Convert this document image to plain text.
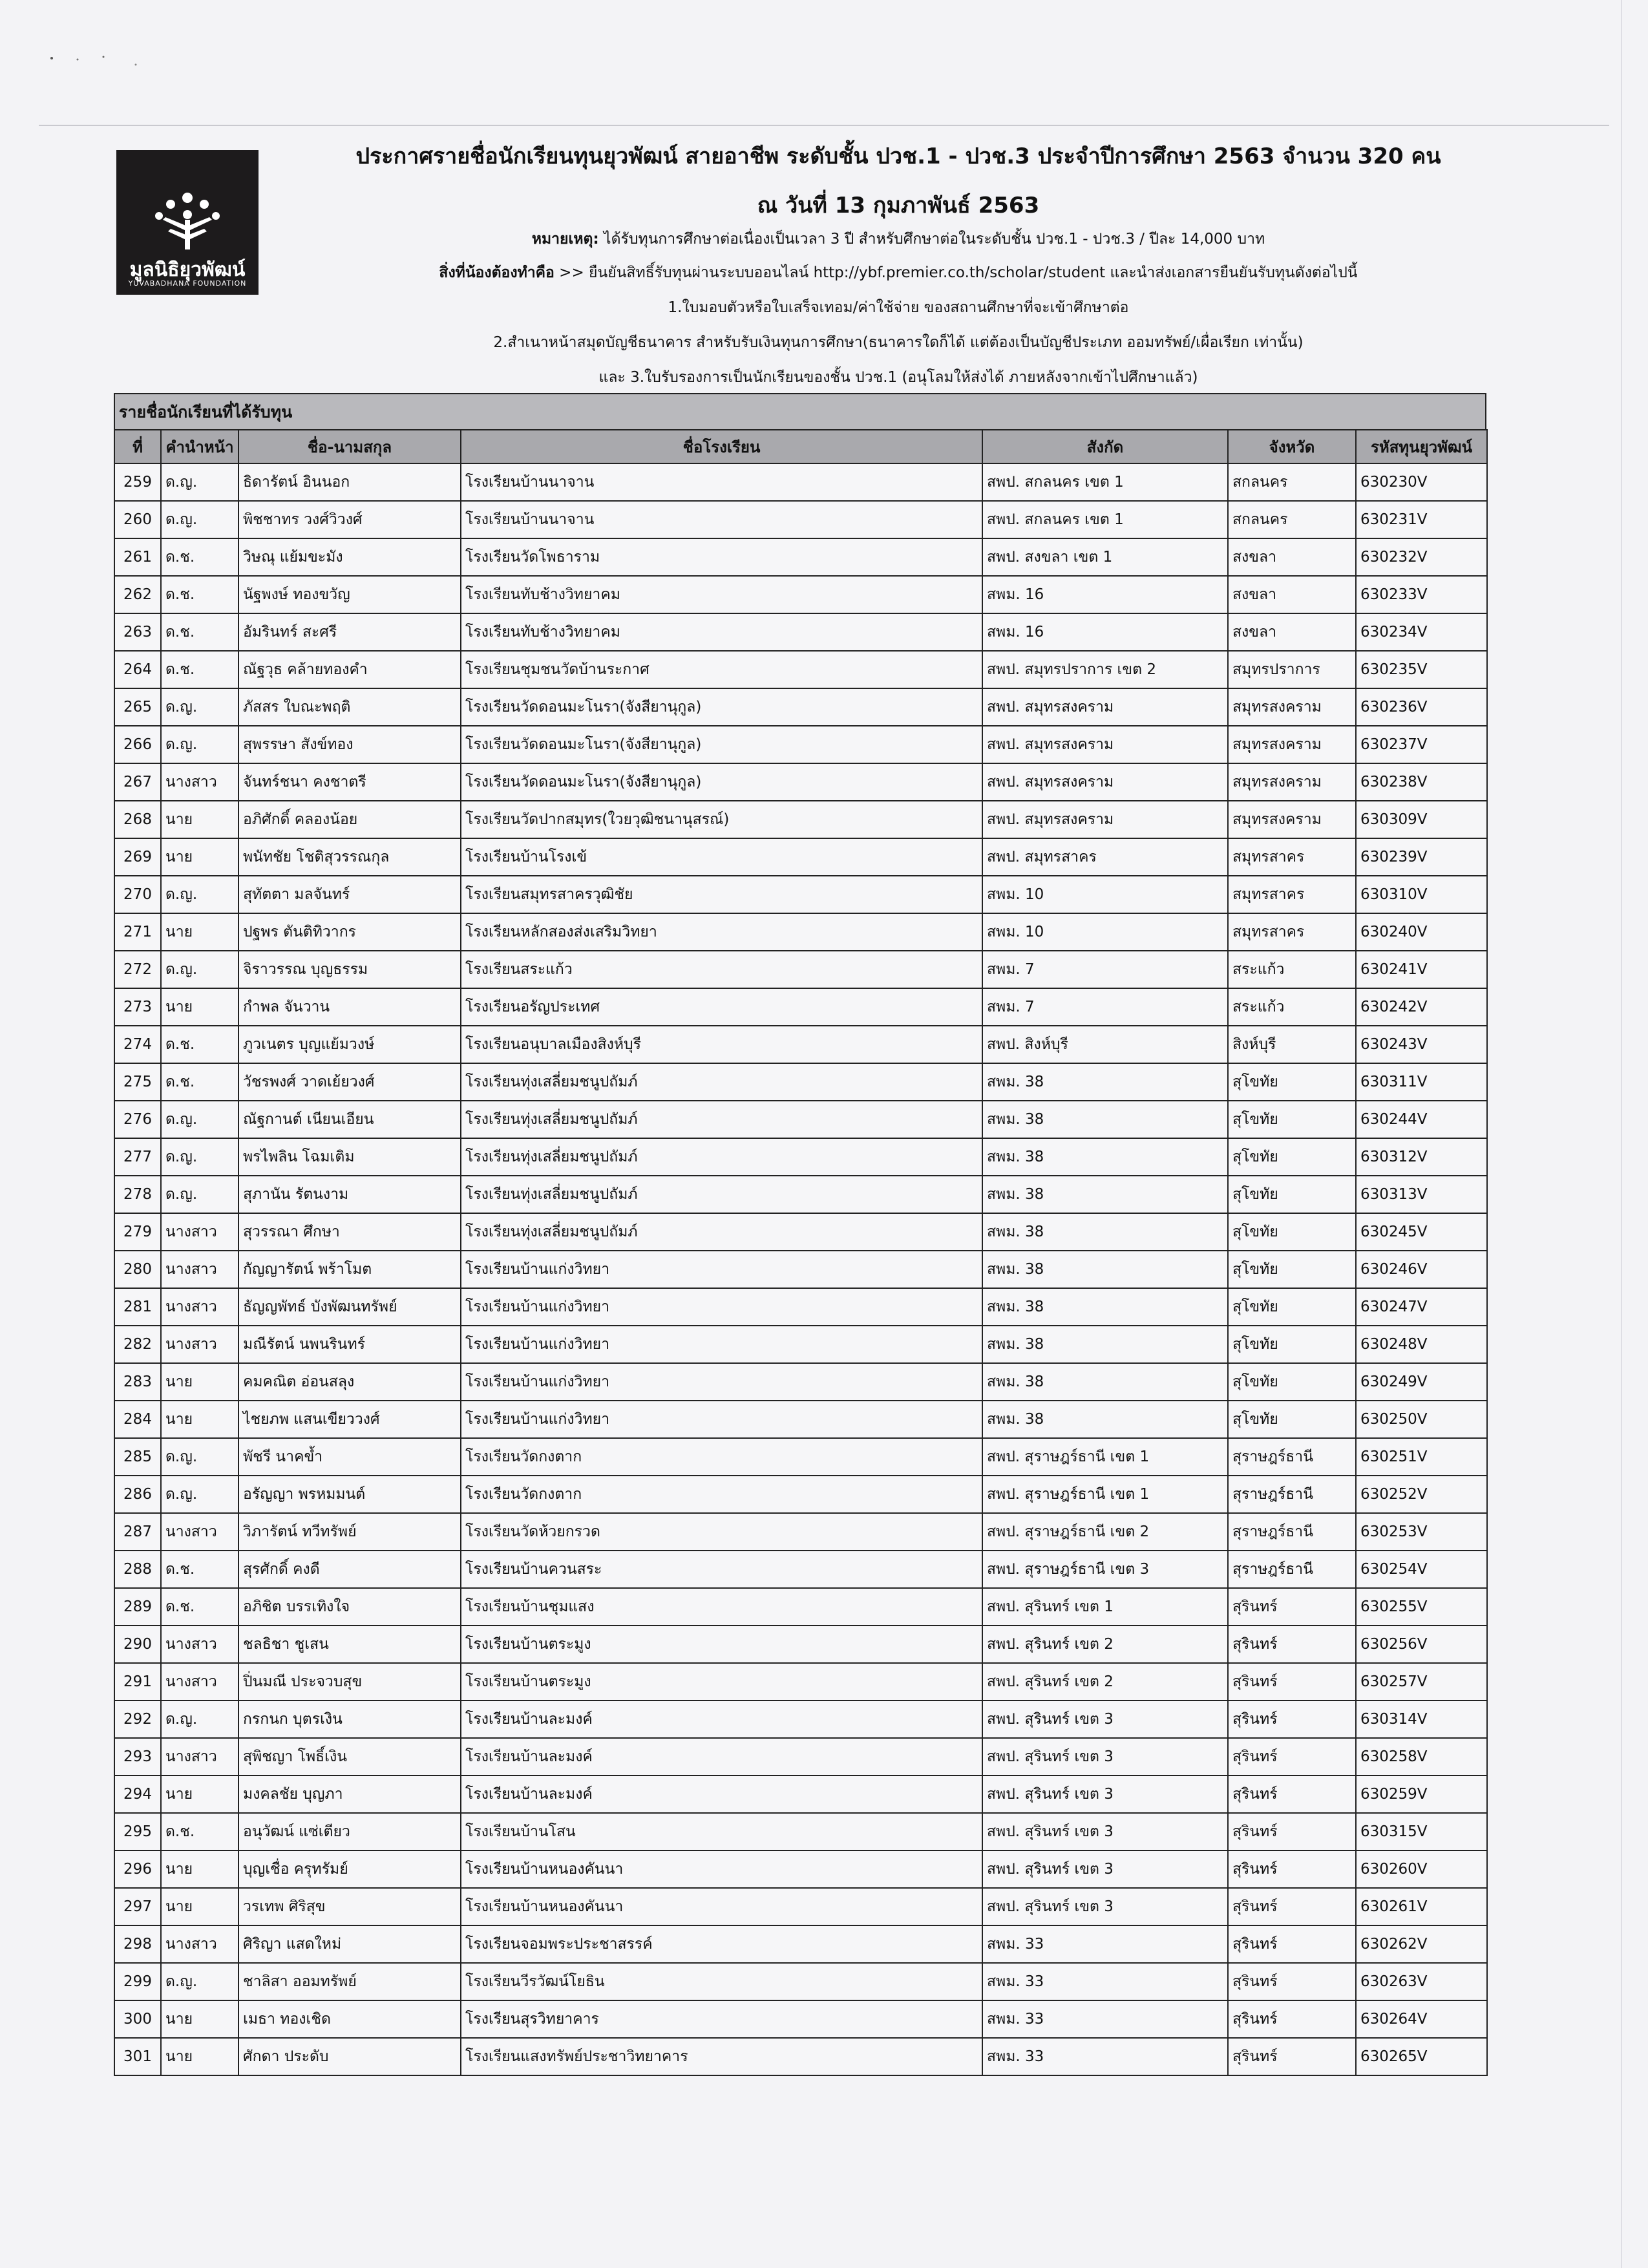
มูลนิธิยุวพัฒน์
YUVABADHANA FOUNDATION
ประกาศรายชื่อนักเรียนทุนยุวพัฒน์ สายอาชีพ ระดับชั้น ปวช.1 - ปวช.3 ประจำปีการศึกษา 2563 จำนวน 320 คน
ณ วันที่ 13 กุมภาพันธ์ 2563
หมายเหตุ: ได้รับทุนการศึกษาต่อเนื่องเป็นเวลา 3 ปี สำหรับศึกษาต่อในระดับชั้น ปวช.1 - ปวช.3 / ปีละ 14,000 บาท
สิ่งที่น้องต้องทำคือ >> ยืนยันสิทธิ์รับทุนผ่านระบบออนไลน์ http://ybf.premier.co.th/scholar/student และนำส่งเอกสารยืนยันรับทุนดังต่อไปนี้
1.ใบมอบตัวหรือใบเสร็จเทอม/ค่าใช้จ่าย ของสถานศึกษาที่จะเข้าศึกษาต่อ
2.สำเนาหน้าสมุดบัญชีธนาคาร สำหรับรับเงินทุนการศึกษา(ธนาคารใดก็ได้ แต่ต้องเป็นบัญชีประเภท ออมทรัพย์/เผื่อเรียก เท่านั้น)
และ 3.ใบรับรองการเป็นนักเรียนของชั้น ปวช.1 (อนุโลมให้ส่งได้ ภายหลังจากเข้าไปศึกษาแล้ว)
รายชื่อนักเรียนที่ได้รับทุน
ที่	คำนำหน้า	ชื่อ-นามสกุล	ชื่อโรงเรียน	สังกัด	จังหวัด	รหัสทุนยุวพัฒน์
259	ด.ญ.	ธิดารัตน์ อินนอก	โรงเรียนบ้านนาจาน	สพป. สกลนคร เขต 1	สกลนคร	630230V
260	ด.ญ.	พิชชาทร วงศ์วิวงศ์	โรงเรียนบ้านนาจาน	สพป. สกลนคร เขต 1	สกลนคร	630231V
261	ด.ช.	วิษณุ แย้มขะมัง	โรงเรียนวัดโพธาราม	สพป. สงขลา เขต 1	สงขลา	630232V
262	ด.ช.	นัฐพงษ์ ทองขวัญ	โรงเรียนทับช้างวิทยาคม	สพม. 16	สงขลา	630233V
263	ด.ช.	อัมรินทร์ สะศรี	โรงเรียนทับช้างวิทยาคม	สพม. 16	สงขลา	630234V
264	ด.ช.	ณัฐวุธ คล้ายทองคำ	โรงเรียนชุมชนวัดบ้านระกาศ	สพป. สมุทรปราการ เขต 2	สมุทรปราการ	630235V
265	ด.ญ.	ภัสสร ใบณะพฤติ	โรงเรียนวัดดอนมะโนรา(จังสียานุกูล)	สพป. สมุทรสงคราม	สมุทรสงคราม	630236V
266	ด.ญ.	สุพรรษา สังข์ทอง	โรงเรียนวัดดอนมะโนรา(จังสียานุกูล)	สพป. สมุทรสงคราม	สมุทรสงคราม	630237V
267	นางสาว	จันทร์ชนา คงชาตรี	โรงเรียนวัดดอนมะโนรา(จังสียานุกูล)	สพป. สมุทรสงคราม	สมุทรสงคราม	630238V
268	นาย	อภิศักดิ์ คลองน้อย	โรงเรียนวัดปากสมุทร(ใวยวุฒิชนานุสรณ์)	สพป. สมุทรสงคราม	สมุทรสงคราม	630309V
269	นาย	พนัทชัย โชติสุวรรณกุล	โรงเรียนบ้านโรงเข้	สพป. สมุทรสาคร	สมุทรสาคร	630239V
270	ด.ญ.	สุทัตตา มลจันทร์	โรงเรียนสมุทรสาครวุฒิชัย	สพม. 10	สมุทรสาคร	630310V
271	นาย	ปฐพร ตันติทิวากร	โรงเรียนหลักสองส่งเสริมวิทยา	สพม. 10	สมุทรสาคร	630240V
272	ด.ญ.	จิราวรรณ บุญธรรม	โรงเรียนสระแก้ว	สพม. 7	สระแก้ว	630241V
273	นาย	กำพล จันวาน	โรงเรียนอรัญประเทศ	สพม. 7	สระแก้ว	630242V
274	ด.ช.	ภูวเนตร บุญแย้มวงษ์	โรงเรียนอนุบาลเมืองสิงห์บุรี	สพป. สิงห์บุรี	สิงห์บุรี	630243V
275	ด.ช.	วัชรพงศ์ วาดเย้ยวงศ์	โรงเรียนทุ่งเสลี่ยมชนูปถัมภ์	สพม. 38	สุโขทัย	630311V
276	ด.ญ.	ณัฐกานต์ เนียนเอียน	โรงเรียนทุ่งเสลี่ยมชนูปถัมภ์	สพม. 38	สุโขทัย	630244V
277	ด.ญ.	พรไพลิน โฉมเติม	โรงเรียนทุ่งเสลี่ยมชนูปถัมภ์	สพม. 38	สุโขทัย	630312V
278	ด.ญ.	สุภานัน รัตนงาม	โรงเรียนทุ่งเสลี่ยมชนูปถัมภ์	สพม. 38	สุโขทัย	630313V
279	นางสาว	สุวรรณา ศึกษา	โรงเรียนทุ่งเสลี่ยมชนูปถัมภ์	สพม. 38	สุโขทัย	630245V
280	นางสาว	กัญญารัตน์ พร้าโมต	โรงเรียนบ้านแก่งวิทยา	สพม. 38	สุโขทัย	630246V
281	นางสาว	ธัญญพัทธ์ บังพัฒนทรัพย์	โรงเรียนบ้านแก่งวิทยา	สพม. 38	สุโขทัย	630247V
282	นางสาว	มณีรัตน์ นพนรินทร์	โรงเรียนบ้านแก่งวิทยา	สพม. 38	สุโขทัย	630248V
283	นาย	คมคณิต อ่อนสลุง	โรงเรียนบ้านแก่งวิทยา	สพม. 38	สุโขทัย	630249V
284	นาย	ไชยภพ แสนเขียววงศ์	โรงเรียนบ้านแก่งวิทยา	สพม. 38	สุโขทัย	630250V
285	ด.ญ.	พัชรี นาคข้ำ	โรงเรียนวัดกงตาก	สพป. สุราษฎร์ธานี เขต 1	สุราษฎร์ธานี	630251V
286	ด.ญ.	อรัญญา พรหมมนต์	โรงเรียนวัดกงตาก	สพป. สุราษฎร์ธานี เขต 1	สุราษฎร์ธานี	630252V
287	นางสาว	วิภารัตน์ ทวีทรัพย์	โรงเรียนวัดห้วยกรวด	สพป. สุราษฎร์ธานี เขต 2	สุราษฎร์ธานี	630253V
288	ด.ช.	สุรศักดิ์ คงดี	โรงเรียนบ้านควนสระ	สพป. สุราษฎร์ธานี เขต 3	สุราษฎร์ธานี	630254V
289	ด.ช.	อภิชิต บรรเทิงใจ	โรงเรียนบ้านชุมแสง	สพป. สุรินทร์ เขต 1	สุรินทร์	630255V
290	นางสาว	ชลธิชา ชูเสน	โรงเรียนบ้านตระมูง	สพป. สุรินทร์ เขต 2	สุรินทร์	630256V
291	นางสาว	ปิ่นมณี ประจวบสุข	โรงเรียนบ้านตระมูง	สพป. สุรินทร์ เขต 2	สุรินทร์	630257V
292	ด.ญ.	กรกนก บุตรเงิน	โรงเรียนบ้านละมงค์	สพป. สุรินทร์ เขต 3	สุรินทร์	630314V
293	นางสาว	สุพิชญา โพธิ์เงิน	โรงเรียนบ้านละมงค์	สพป. สุรินทร์ เขต 3	สุรินทร์	630258V
294	นาย	มงคลชัย บุญภา	โรงเรียนบ้านละมงค์	สพป. สุรินทร์ เขต 3	สุรินทร์	630259V
295	ด.ช.	อนุวัฒน์ แซ่เตียว	โรงเรียนบ้านโสน	สพป. สุรินทร์ เขต 3	สุรินทร์	630315V
296	นาย	บุญเชื่อ ครุทรัมย์	โรงเรียนบ้านหนองคันนา	สพป. สุรินทร์ เขต 3	สุรินทร์	630260V
297	นาย	วรเทพ ศิริสุข	โรงเรียนบ้านหนองคันนา	สพป. สุรินทร์ เขต 3	สุรินทร์	630261V
298	นางสาว	ศิริญา แสดใหม่	โรงเรียนจอมพระประชาสรรค์	สพม. 33	สุรินทร์	630262V
299	ด.ญ.	ชาลิสา ออมทรัพย์	โรงเรียนวีรวัฒน์โยธิน	สพม. 33	สุรินทร์	630263V
300	นาย	เมธา ทองเชิด	โรงเรียนสุรวิทยาคาร	สพม. 33	สุรินทร์	630264V
301	นาย	ศักดา ประดับ	โรงเรียนแสงทรัพย์ประชาวิทยาคาร	สพม. 33	สุรินทร์	630265V
